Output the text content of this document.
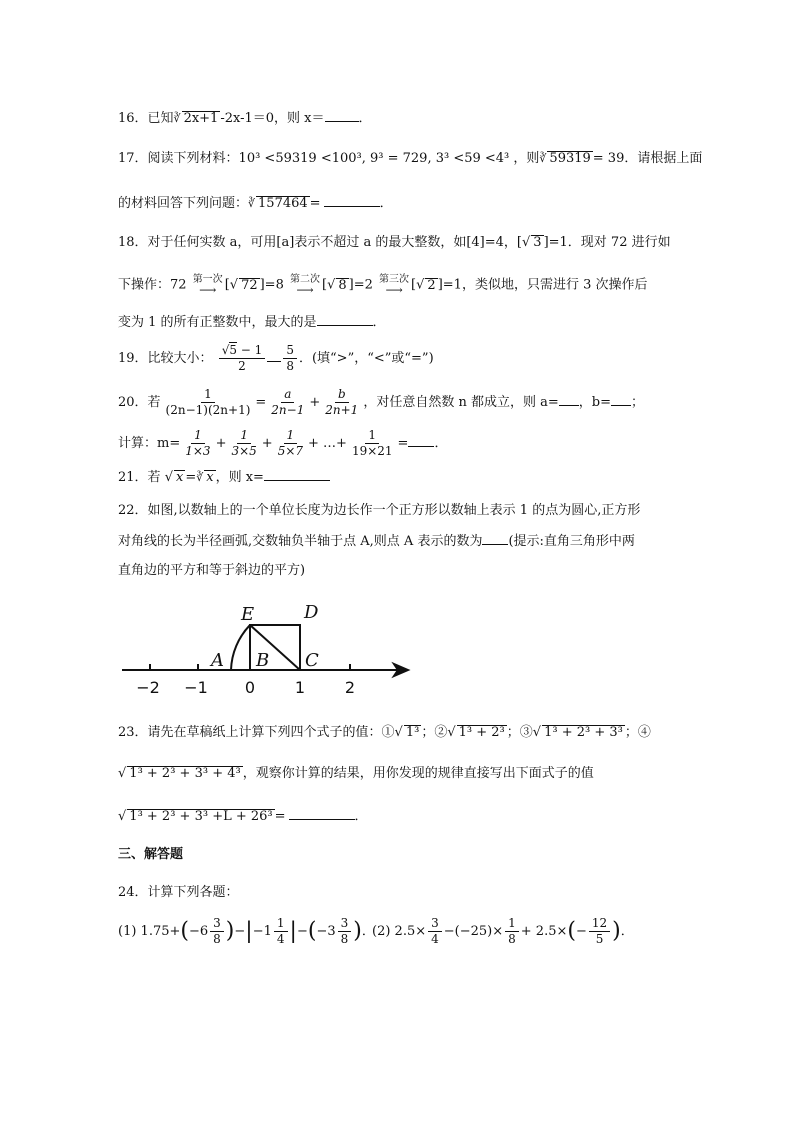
16．已知∛ 2x+1 -2x-1＝0，则 x＝	．
17．阅读下列材料：10³ <59319 <100³, 9³ = 729, 3³ <59 <4³ ，则∛ 59319 = 39．请根据上面
的材料回答下列问题：∛ 157464 =	．
18．对于任何实数 a，可用[a]表示不超过 a 的最大整数，如[4]=4，[√ 3 ]=1．现对 72 进行如
下操作：72 第一次
⟶ [√ 72 ]=8 第二次
⟶ [√ 8 ]=2 第三次
⟶ [√ 2 ]=1，类似地，只需进行 3 次操作后
变为 1 的所有正整数中，最大的是	．
19．比较大小： $\frac{√5 - 1}{2} \frac{5}{8}$ ．(填“>”，“<”或“=”)
20．若 $\frac{1}{(2n-1)(2n+1)} = \frac{a}{2n-1} + \frac{b}{2n+1}$ ，对任意自然数 n 都成立，则 a= ，b= ；
计算：$m= \frac{1}{1\times 3} + \frac{1}{3\times 5} + \frac{1}{5\times 7}$ + …+ $\frac{1}{19\times 21}$ = ．
21．若 √ x =∛ x ，则 x=
22．如图,以数轴上的一个单位长度为边长作一个正方形以数轴上表示 1 的点为圆心,正方形
对角线的长为半径画弧,交数轴负半轴于点 A,则点 A 表示的数为 (提示:直角三角形中两
直角边的平方和等于斜边的平方)
E	D
A B C
−2 −1 0 1 2
23．请先在草稿纸上计算下列四个式子的值：①√ 1³ ；②√ 1³ + 2³ ；③√ 1³ + 2³ + 3³ ；④
√ 1³ + 2³ + 3³ + 4³ ，观察你计算的结果，用你发现的规律直接写出下面式子的值
√ 1³ + 2³ + 3³ +L + 26³ =	．
三、解答题
24．计算下列各题：
(1) $1.75+(-6 \frac{3}{8} )-|-1 \frac{1}{4} |-(-3 \frac{3}{8}$ )．
(2) $2.5\times \frac{3}{4} -(-25)\times \frac{1}{8} + 2.5\times(- \frac{12}{5}$ )．
